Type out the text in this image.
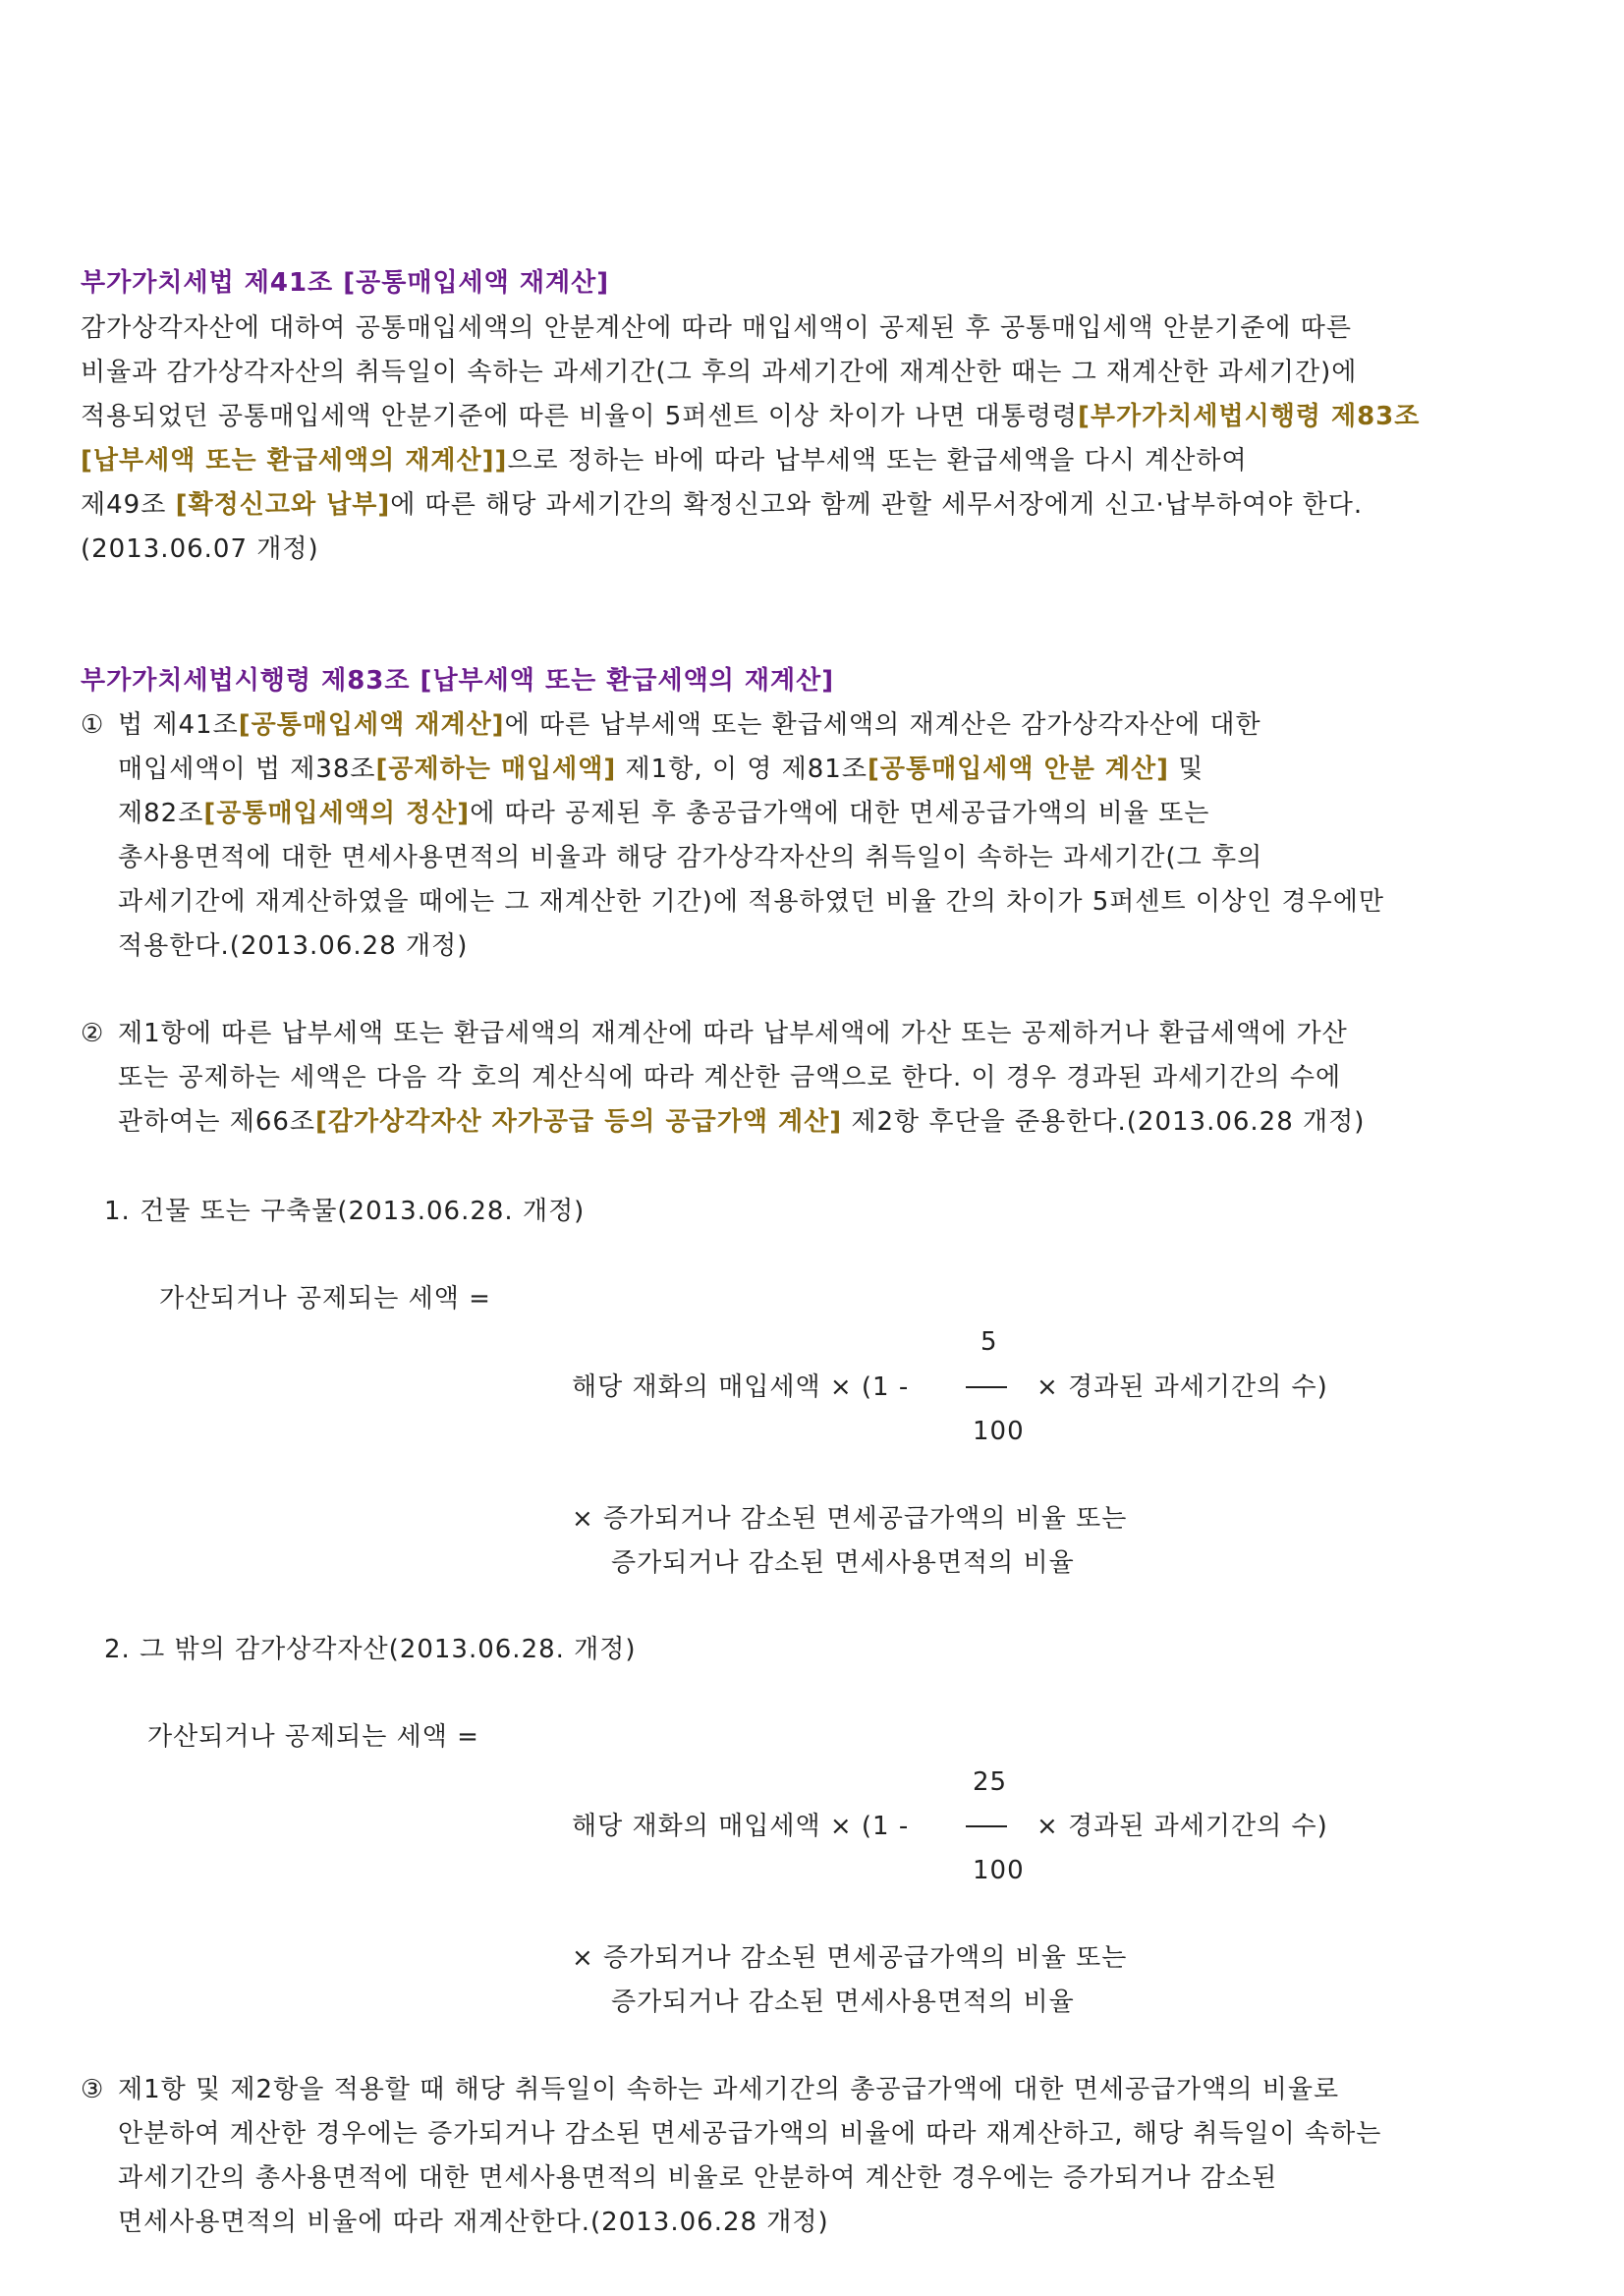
부가가치세법 제41조 [공통매입세액 재계산]
감가상각자산에 대하여 공통매입세액의 안분계산에 따라 매입세액이 공제된 후 공통매입세액 안분기준에 따른
비율과 감가상각자산의 취득일이 속하는 과세기간(그 후의 과세기간에 재계산한 때는 그 재계산한 과세기간)에
적용되었던 공통매입세액 안분기준에 따른 비율이 5퍼센트 이상 차이가 나면 대통령령[부가가치세법시행령 제83조
[납부세액 또는 환급세액의 재계산]]으로 정하는 바에 따라 납부세액 또는 환급세액을 다시 계산하여
제49조 [확정신고와 납부]에 따른 해당 과세기간의 확정신고와 함께 관할 세무서장에게 신고·납부하여야 한다.
(2013.06.07 개정)
부가가치세법시행령 제83조 [납부세액 또는 환급세액의 재계산]
① 법 제41조[공통매입세액 재계산]에 따른 납부세액 또는 환급세액의 재계산은 감가상각자산에 대한
매입세액이 법 제38조[공제하는 매입세액] 제1항, 이 영 제81조[공통매입세액 안분 계산] 및
제82조[공통매입세액의 정산]에 따라 공제된 후 총공급가액에 대한 면세공급가액의 비율 또는
총사용면적에 대한 면세사용면적의 비율과 해당 감가상각자산의 취득일이 속하는 과세기간(그 후의
과세기간에 재계산하였을 때에는 그 재계산한 기간)에 적용하였던 비율 간의 차이가 5퍼센트 이상인 경우에만
적용한다.(2013.06.28 개정)
② 제1항에 따른 납부세액 또는 환급세액의 재계산에 따라 납부세액에 가산 또는 공제하거나 환급세액에 가산
또는 공제하는 세액은 다음 각 호의 계산식에 따라 계산한 금액으로 한다. 이 경우 경과된 과세기간의 수에
관하여는 제66조[감가상각자산 자가공급 등의 공급가액 계산] 제2항 후단을 준용한다.(2013.06.28 개정)
1. 건물 또는 구축물(2013.06.28. 개정)
가산되거나 공제되는 세액 =
5
해당 재화의 매입세액 × (1 -	× 경과된 과세기간의 수)
100
× 증가되거나 감소된 면세공급가액의 비율 또는
증가되거나 감소된 면세사용면적의 비율
2. 그 밖의 감가상각자산(2013.06.28. 개정)
가산되거나 공제되는 세액 =
25
해당 재화의 매입세액 × (1 -	× 경과된 과세기간의 수)
100
× 증가되거나 감소된 면세공급가액의 비율 또는
증가되거나 감소된 면세사용면적의 비율
③ 제1항 및 제2항을 적용할 때 해당 취득일이 속하는 과세기간의 총공급가액에 대한 면세공급가액의 비율로
안분하여 계산한 경우에는 증가되거나 감소된 면세공급가액의 비율에 따라 재계산하고, 해당 취득일이 속하는
과세기간의 총사용면적에 대한 면세사용면적의 비율로 안분하여 계산한 경우에는 증가되거나 감소된
면세사용면적의 비율에 따라 재계산한다.(2013.06.28 개정)
